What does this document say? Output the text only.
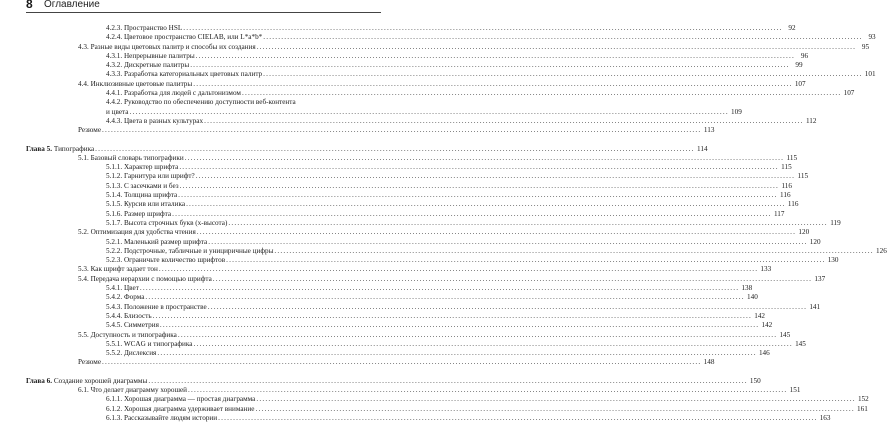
8 Оглавление
4.2.3. Пространство HSL .....	92
4.2.4. Цветовое пространство CIELAB, или L*a*b* .....	93
4.3. Разные виды цветовых палитр и способы их создания .....	95
4.3.1. Непрерывные палитры .....	96
4.3.2. Дискретные палитры .....	99
4.3.3. Разработка категориальных цветовых палитр .....	101
4.4. Инклюзивные цветовые палитры .....	107
4.4.1. Разработка для людей с дальтонизмом .....	107
4.4.2. Руководство по обеспечению доступности веб-контента
и цвета .....	109
4.4.3. Цвета в разных культурах .....	112
Резюме .....	113
Глава 5. Типографика .....	114
5.1. Базовый словарь типографики .....	115
5.1.1. Характер шрифта .....	115
5.1.2. Гарнитура или шрифт? .....	115
5.1.3. С засечками и без .....	116
5.1.4. Толщина шрифта .....	116
5.1.5. Курсив или италика .....	116
5.1.6. Размер шрифта .....	117
5.1.7. Высота строчных букв (x-высота) .....	119
5.2. Оптимизация для удобства чтения .....	120
5.2.1. Маленький размер шрифта .....	120
5.2.2. Подстрочные, табличные и унициричные цифры .....	126
5.2.3. Ограничьте количество шрифтов .....	130
5.3. Как шрифт задает тон .....	133
5.4. Передача иерархии с помощью шрифта .....	137
5.4.1. Цвет .....	138
5.4.2. Форма .....	140
5.4.3. Положение в пространстве .....	141
5.4.4. Близость .....	142
5.4.5. Симметрия .....	142
5.5. Доступность и типографика .....	145
5.5.1. WCAG и типографика .....	145
5.5.2. Дислексия .....	146
Резюме .....	148
Глава 6. Создание хорошей диаграммы .....	150
6.1. Что делает диаграмму хорошей .....	151
6.1.1. Хорошая диаграмма — простая диаграмма .....	152
6.1.2. Хорошая диаграмма удерживает внимание .....	161
6.1.3. Рассказывайте людям истории .....	163
